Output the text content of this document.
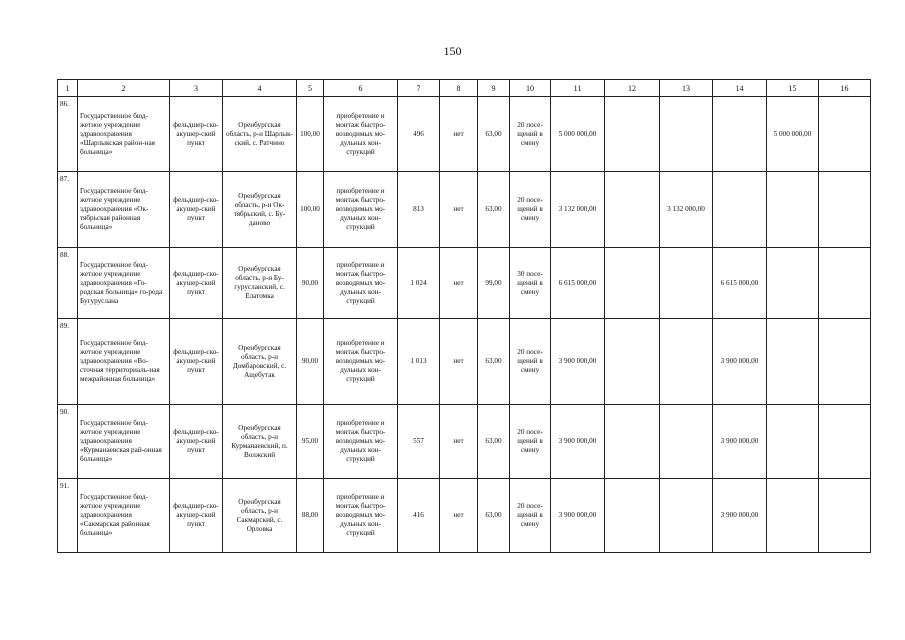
150
1	2	3	4	5	6	7	8	9	10	11	12	13	14	15	16
86.	Государственное бюд-жетное учреждение здравоохранения «Шарлыкская район-ная больница»	фельдшер-ско-акушер-ский пункт	Оренбургская область, р-н Шарлык-ский, с. Ратчино	100,00	приобретение и монтаж быстро-возводимых мо-дульных кон-струкций	496	нет	63,00	20 посе-щений в смену	5 000 000,00				5 000 000,00	
87.	Государственное бюд-жетное учреждение здравоохранения «Ок-тябрьская районная больница»	фельдшер-ско-акушер-ский пункт	Оренбургская область, р-н Ок-тябрьский, с. Бу-даново	100,00	приобретение и монтаж быстро-возводимых мо-дульных кон-струкций	813	нет	63,00	20 посе-щений в смену	3 132 000,00		3 132 000,00			
88.	Государственное бюд-жетное учреждение здравоохранения «Го-родская больница» го-рода Бугуруслана	фельдшер-ско-акушер-ский пункт	Оренбургская область, р-н Бу-гурусланский, с. Елатомка	90,00	приобретение и монтаж быстро-возводимых мо-дульных кон-струкций	1 024	нет	99,00	30 посе-щений в смену	6 615 000,00			6 615 000,00		
89.	Государственное бюд-жетное учреждение здравоохранения «Во-сточная территориаль-ная межрайонная больница»	фельдшер-ско-акушер-ский пункт	Оренбургская область, р-н Домбаровский, с. Ащебутак	90,00	приобретение и монтаж быстро-возводимых мо-дульных кон-струкций	1 013	нет	63,00	20 посе-щений в смену	3 900 000,00			3 900 000,00		
90.	Государственное бюд-жетное учреждение здравоохранения «Курманаевская рай-онная больница»	фельдшер-ско-акушер-ский пункт	Оренбургская область, р-н Курманаевский, п. Волжский	95,00	приобретение и монтаж быстро-возводимых мо-дульных кон-струкций	557	нет	63,00	20 посе-щений в смену	3 900 000,00			3 900 000,00		
91.	Государственное бюд-жетное учреждение здравоохранения «Сакмарская районная больница»	фельдшер-ско-акушер-ский пункт	Оренбургская область, р-н Сакмарский, с. Орловка	88,00	приобретение и монтаж быстро-возводимых мо-дульных кон-струкций	416	нет	63,00	20 посе-щений в смену	3 900 000,00			3 900 000,00		
